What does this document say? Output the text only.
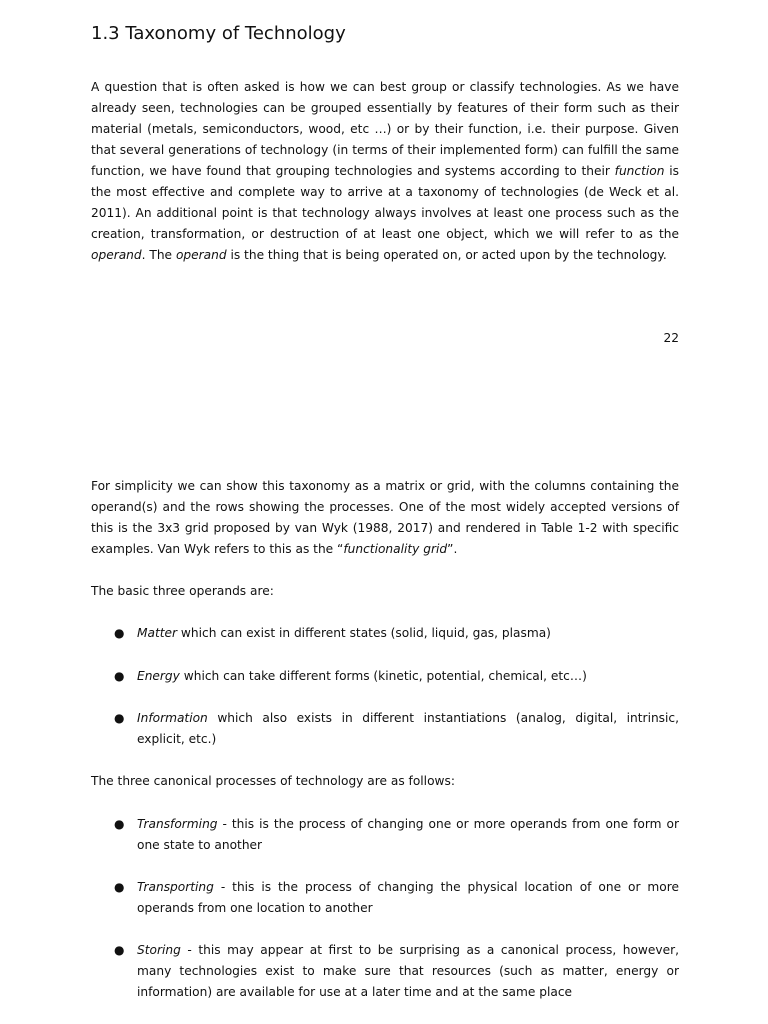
1.3 Taxonomy of Technology

A question that is often asked is how we can best group or classify technologies. As we have already seen, technologies can be grouped essentially by features of their form such as their material (metals, semiconductors, wood, etc …) or by their function, i.e. their purpose. Given that several generations of technology (in terms of their implemented form) can fulfill the same function, we have found that grouping technologies and systems according to their function is the most effective and complete way to arrive at a taxonomy of technologies (de Weck et al. 2011). An additional point is that technology always involves at least one process such as the creation, transformation, or destruction of at least one object, which we will refer to as the operand. The operand is the thing that is being operated on, or acted upon by the technology.

22

For simplicity we can show this taxonomy as a matrix or grid, with the columns containing the operand(s) and the rows showing the processes. One of the most widely accepted versions of this is the 3x3 grid proposed by van Wyk (1988, 2017) and rendered in Table 1-2 with specific examples. Van Wyk refers to this as the “functionality grid”.

The basic three operands are:

● Matter which can exist in different states (solid, liquid, gas, plasma)

● Energy which can take different forms (kinetic, potential, chemical, etc…)

● Information which also exists in different instantiations (analog, digital, intrinsic, explicit, etc.)

The three canonical processes of technology are as follows:

● Transforming - this is the process of changing one or more operands from one form or one state to another

● Transporting - this is the process of changing the physical location of one or more operands from one location to another

● Storing - this may appear at first to be surprising as a canonical process, however, many technologies exist to make sure that resources (such as matter, energy or information) are available for use at a later time and at the same place
